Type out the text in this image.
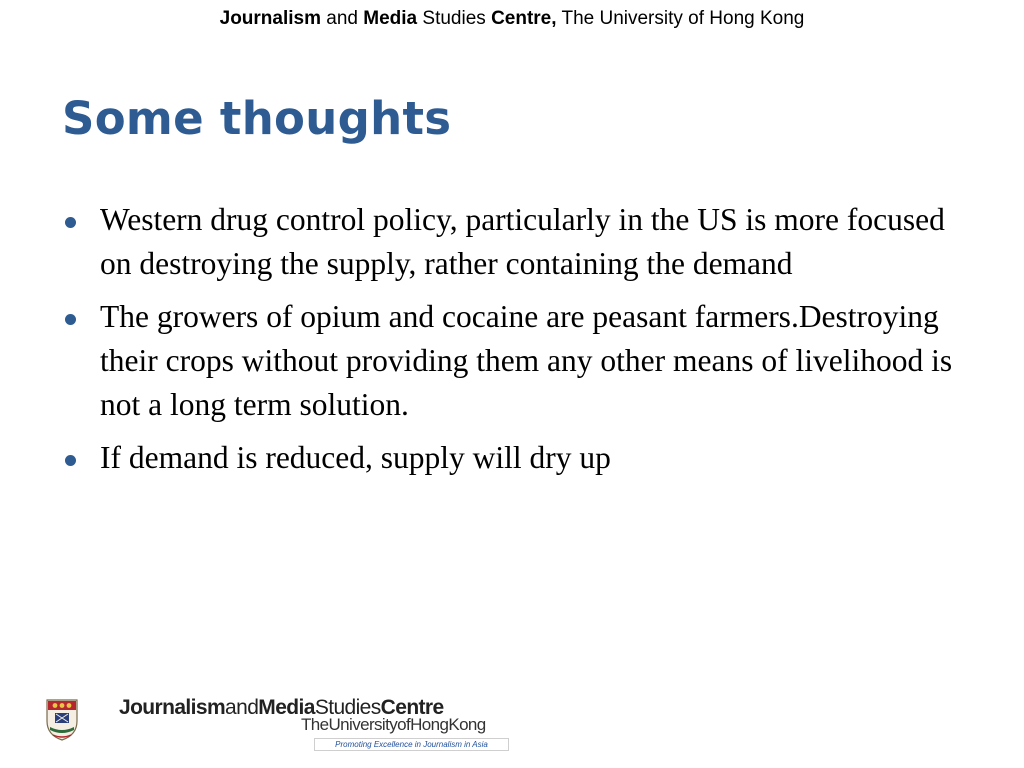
Journalism and Media Studies Centre, The University of Hong Kong
Some thoughts
Western drug control policy, particularly in the US is more focused on destroying the supply, rather containing the demand
The growers of opium and cocaine are peasant farmers.Destroying their crops without providing them any other means of livelihood is not a long term solution.
If demand is reduced, supply will dry up
JournalismandMediaStudiesCentre
TheUniversityofHongKong
Promoting Excellence in Journalism in Asia
